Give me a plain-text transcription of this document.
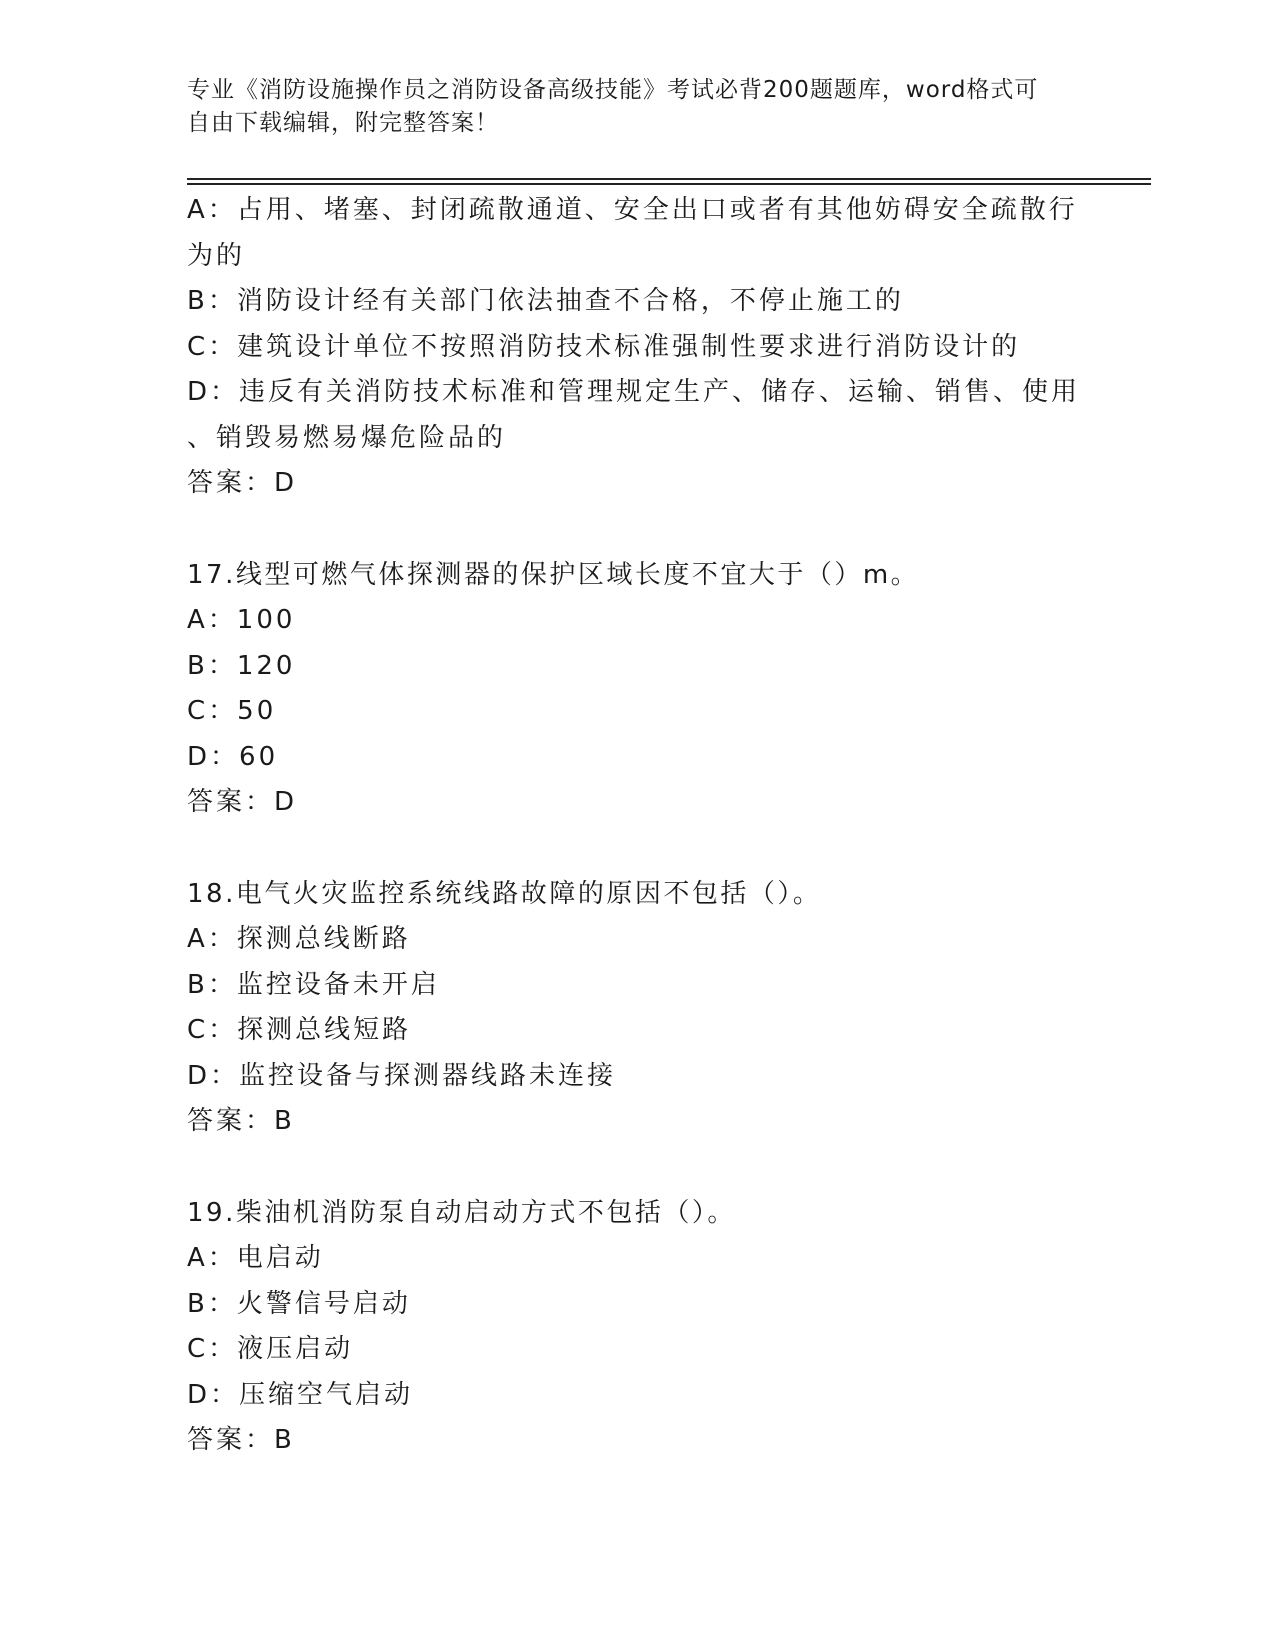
专业《消防设施操作员之消防设备高级技能》考试必背200题题库，word格式可
自由下载编辑，附完整答案！
A：占用、堵塞、封闭疏散通道、安全出口或者有其他妨碍安全疏散行
为的
B：消防设计经有关部门依法抽查不合格，不停止施工的
C：建筑设计单位不按照消防技术标准强制性要求进行消防设计的
D：违反有关消防技术标准和管理规定生产、储存、运输、销售、使用
、销毁易燃易爆危险品的
答案：D
17.线型可燃气体探测器的保护区域长度不宜大于（）m。
A：100
B：120
C：50
D：60
答案：D
18.电气火灾监控系统线路故障的原因不包括（）。
A：探测总线断路
B：监控设备未开启
C：探测总线短路
D：监控设备与探测器线路未连接
答案：B
19.柴油机消防泵自动启动方式不包括（）。
A：电启动
B：火警信号启动
C：液压启动
D：压缩空气启动
答案：B
